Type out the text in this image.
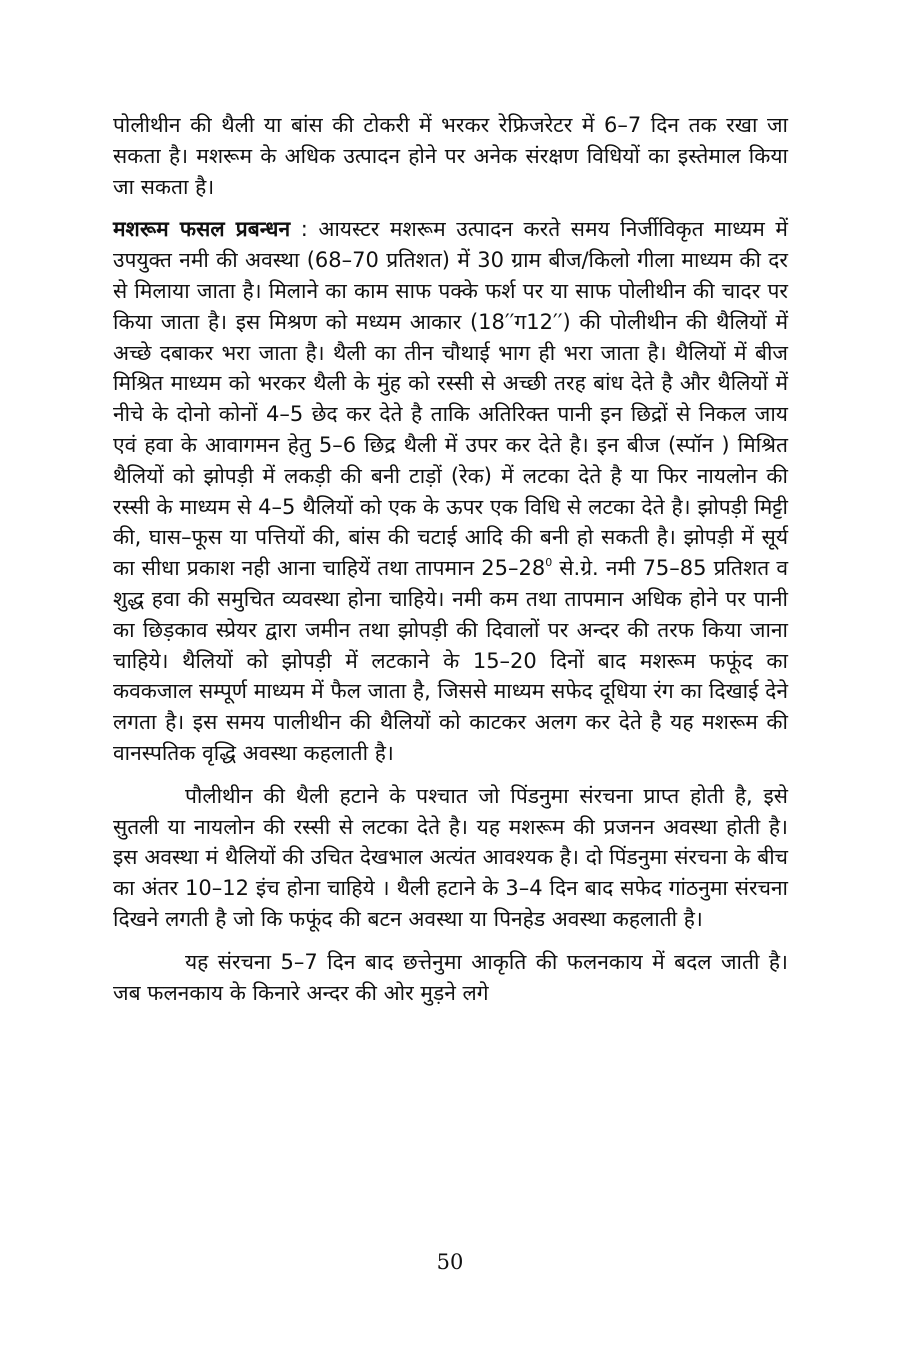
पोलीथीन की थैली या बांस की टोकरी में भरकर रेफ्रिजरेटर में 6–7 दिन तक रखा जा सकता है। मशरूम के अधिक उत्पादन होने पर अनेक संरक्षण विधियों का इस्तेमाल किया जा सकता है।

मशरूम फसल प्रबन्धन : आयस्टर मशरूम उत्पादन करते समय निर्जीविकृत माध्यम में उपयुक्त नमी की अवस्था (68–70 प्रतिशत) में 30 ग्राम बीज/किलो गीला माध्यम की दर से मिलाया जाता है। मिलाने का काम साफ पक्के फर्श पर या साफ पोलीथीन की चादर पर किया जाता है। इस मिश्रण को मध्यम आकार (18′′ग12′′) की पोलीथीन की थैलियों में अच्छे दबाकर भरा जाता है। थैली का तीन चौथाई भाग ही भरा जाता है। थैलियों में बीज मिश्रित माध्यम को भरकर थैली के मुंह को रस्सी से अच्छी तरह बांध देते है और थैलियों में नीचे के दोनो कोनों 4–5 छेद कर देते है ताकि अतिरिक्त पानी इन छिद्रों से निकल जाय एवं हवा के आवागमन हेतु 5–6 छिद्र थैली में उपर कर देते है। इन बीज (स्पॉन ) मिश्रित थैलियों को झोपड़ी में लकड़ी की बनी टाड़ों (रेक) में लटका देते है या फिर नायलोन की रस्सी के माध्यम से 4–5 थैलियों को एक के ऊपर एक विधि से लटका देते है। झोपड़ी मिट्टी की, घास–फूस या पत्तियों की, बांस की चटाई आदि की बनी हो सकती है। झोपड़ी में सूर्य का सीधा प्रकाश नही आना चाहियें तथा तापमान $25-28^0$ से.ग्रे. नमी 75–85 प्रतिशत व शुद्ध हवा की समुचित व्यवस्था होना चाहिये। नमी कम तथा तापमान अधिक होने पर पानी का छिड़काव स्प्रेयर द्वारा जमीन तथा झोपड़ी की दिवालों पर अन्दर की तरफ किया जाना चाहिये। थैलियों को झोपड़ी में लटकाने के 15–20 दिनों बाद मशरूम फफूंद का कवकजाल सम्पूर्ण माध्यम में फैल जाता है, जिससे माध्यम सफेद दूधिया रंग का दिखाई देने लगता है। इस समय पालीथीन की थैलियों को काटकर अलग कर देते है यह मशरूम की वानस्पतिक वृद्धि अवस्था कहलाती है।

पौलीथीन की थैली हटाने के पश्चात जो पिंडनुमा संरचना प्राप्त होती है, इसे सुतली या नायलोन की रस्सी से लटका देते है। यह मशरूम की प्रजनन अवस्था होती है। इस अवस्था मं थैलियों की उचित देखभाल अत्यंत आवश्यक है। दो पिंडनुमा संरचना के बीच का अंतर 10–12 इंच होना चाहिये । थैली हटाने के 3–4 दिन बाद सफेद गांठनुमा संरचना दिखने लगती है जो कि फफूंद की बटन अवस्था या पिनहेड अवस्था कहलाती है।

यह संरचना 5–7 दिन बाद छत्तेनुमा आकृति की फलनकाय में बदल जाती है। जब फलनकाय के किनारे अन्दर की ओर मुड़ने लगे

50
